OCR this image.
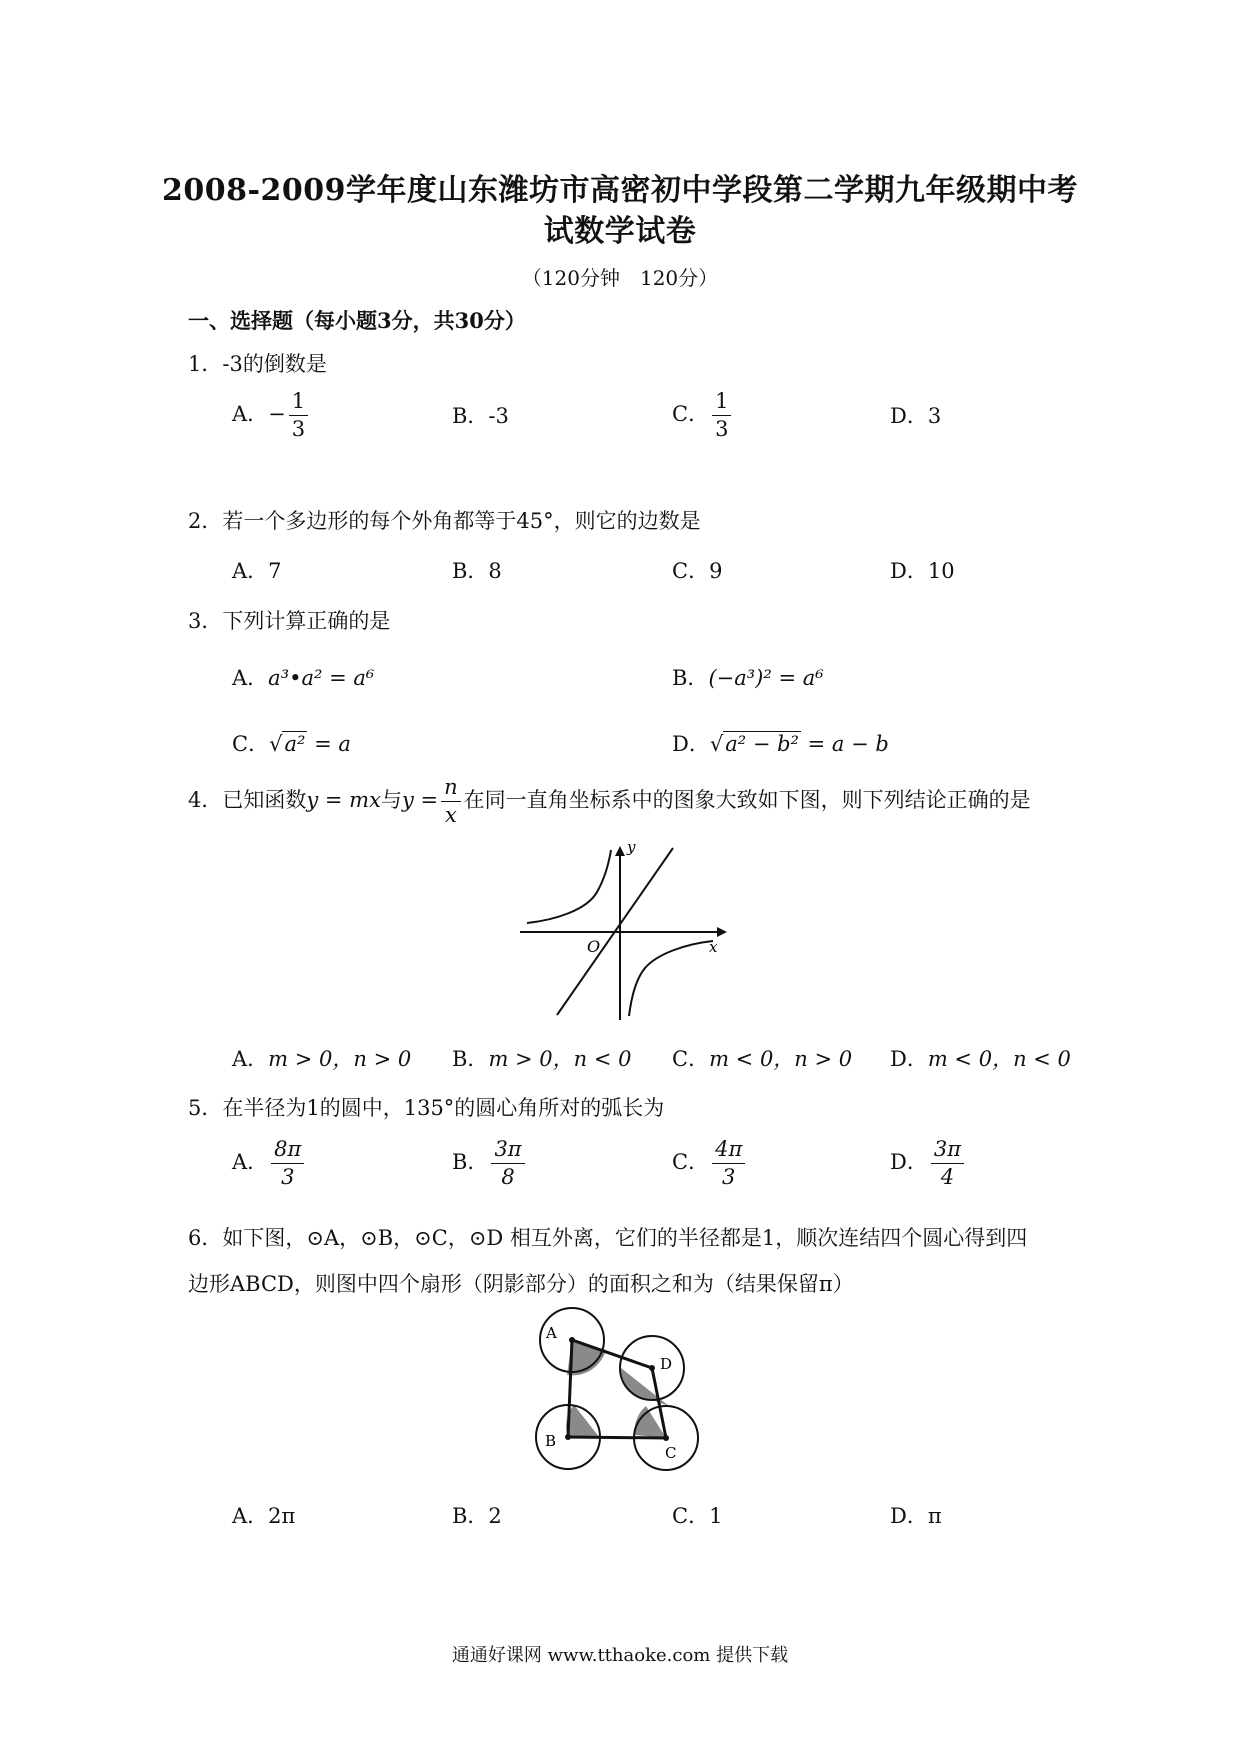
2008-2009学年度山东潍坊市高密初中学段第二学期九年级期中考
试数学试卷
（120分钟　120分）
一、选择题（每小题3分，共30分）
1．-3的倒数是
A．− $\frac{1}{3}$	B．-3	C． $\frac{1}{3}$	D．3
2．若一个多边形的每个外角都等于45°，则它的边数是
A．7	B．8	C．9	D．10
3．下列计算正确的是
A．a³•a² = a⁶	B．(−a³)² = a⁶
C．√a² = a	D．√a² − b² = a − b
4．已知函数y = mx与$y = \frac{n}{x}$ 在同一直角坐标系中的图象大致如下图，则下列结论正确的是
y
x
O
A．m > 0，n > 0 B．m > 0，n < 0 C．m < 0，n > 0 D．m < 0，n < 0
5．在半径为1的圆中，135°的圆心角所对的弧长为
A． $\frac{8\pi}{3}$	B． $\frac{3\pi}{8}$	C． $\frac{4\pi}{3}$	D． $\frac{3\pi}{4}$
6．如下图，⊙A，⊙B，⊙C，⊙D 相互外离，它们的半径都是1，顺次连结四个圆心得到四
边形ABCD，则图中四个扇形（阴影部分）的面积之和为（结果保留π）
A
B
C
D
A．2π	B．2	C．1	D．π
通通好课网 www.tthaoke.com 提供下载
